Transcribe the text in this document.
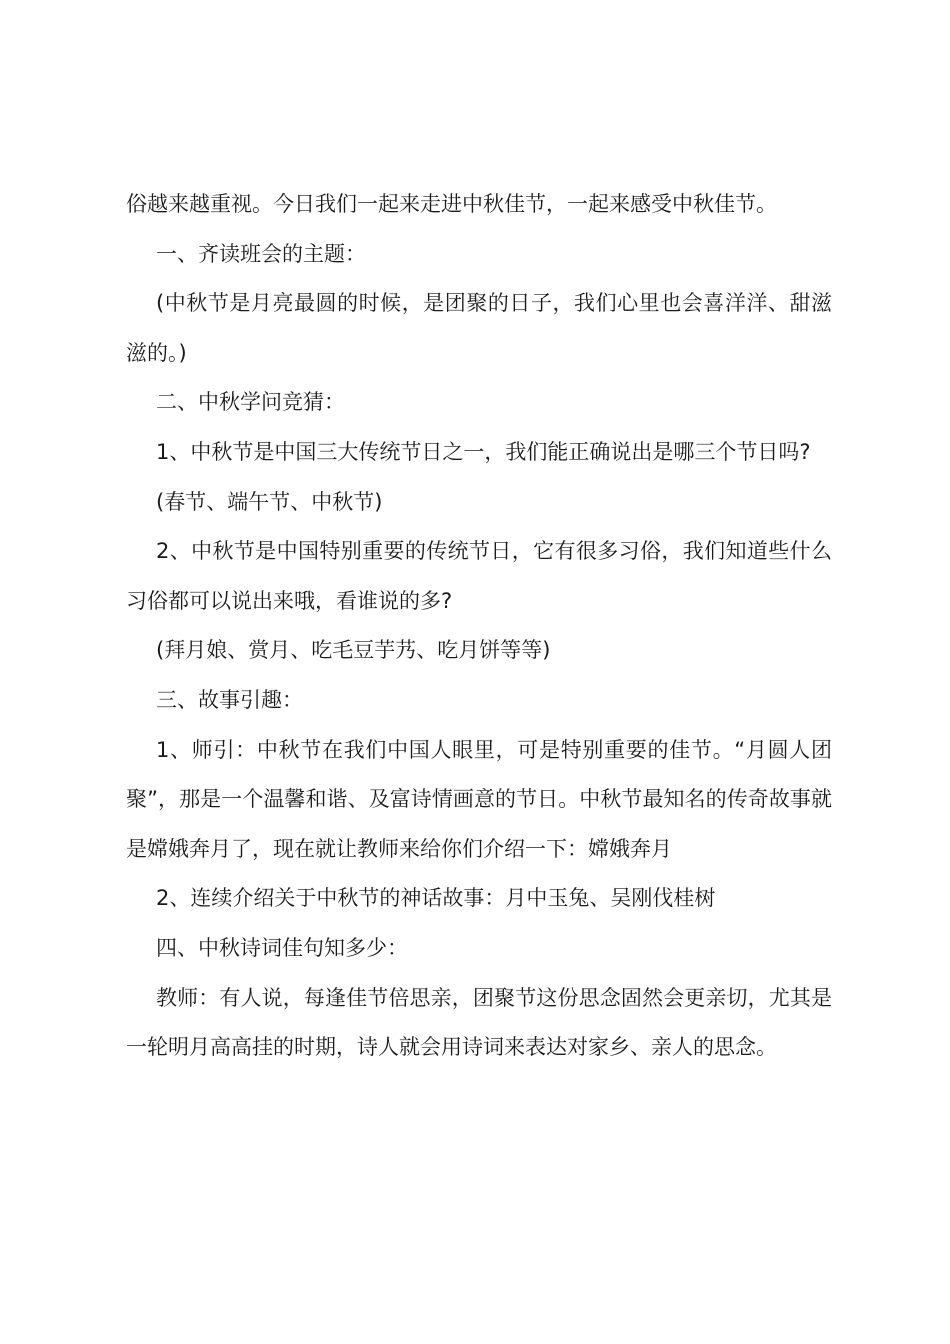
俗越来越重视。今日我们一起来走进中秋佳节，一起来感受中秋佳节。

一、齐读班会的主题：

(中秋节是月亮最圆的时候，是团聚的日子，我们心里也会喜洋洋、甜滋滋的。)

二、中秋学问竞猜：

1、中秋节是中国三大传统节日之一，我们能正确说出是哪三个节日吗?

(春节、端午节、中秋节)

2、中秋节是中国特别重要的传统节日，它有很多习俗，我们知道些什么习俗都可以说出来哦，看谁说的多?

(拜月娘、赏月、吃毛豆芋艿、吃月饼等等)

三、故事引趣：

1、师引：中秋节在我们中国人眼里，可是特别重要的佳节。“月圆人团聚”，那是一个温馨和谐、及富诗情画意的节日。中秋节最知名的传奇故事就是嫦娥奔月了，现在就让教师来给你们介绍一下：嫦娥奔月

2、连续介绍关于中秋节的神话故事：月中玉兔、吴刚伐桂树

四、中秋诗词佳句知多少：

教师：有人说，每逢佳节倍思亲，团聚节这份思念固然会更亲切，尤其是一轮明月高高挂的时期，诗人就会用诗词来表达对家乡、亲人的思念。
